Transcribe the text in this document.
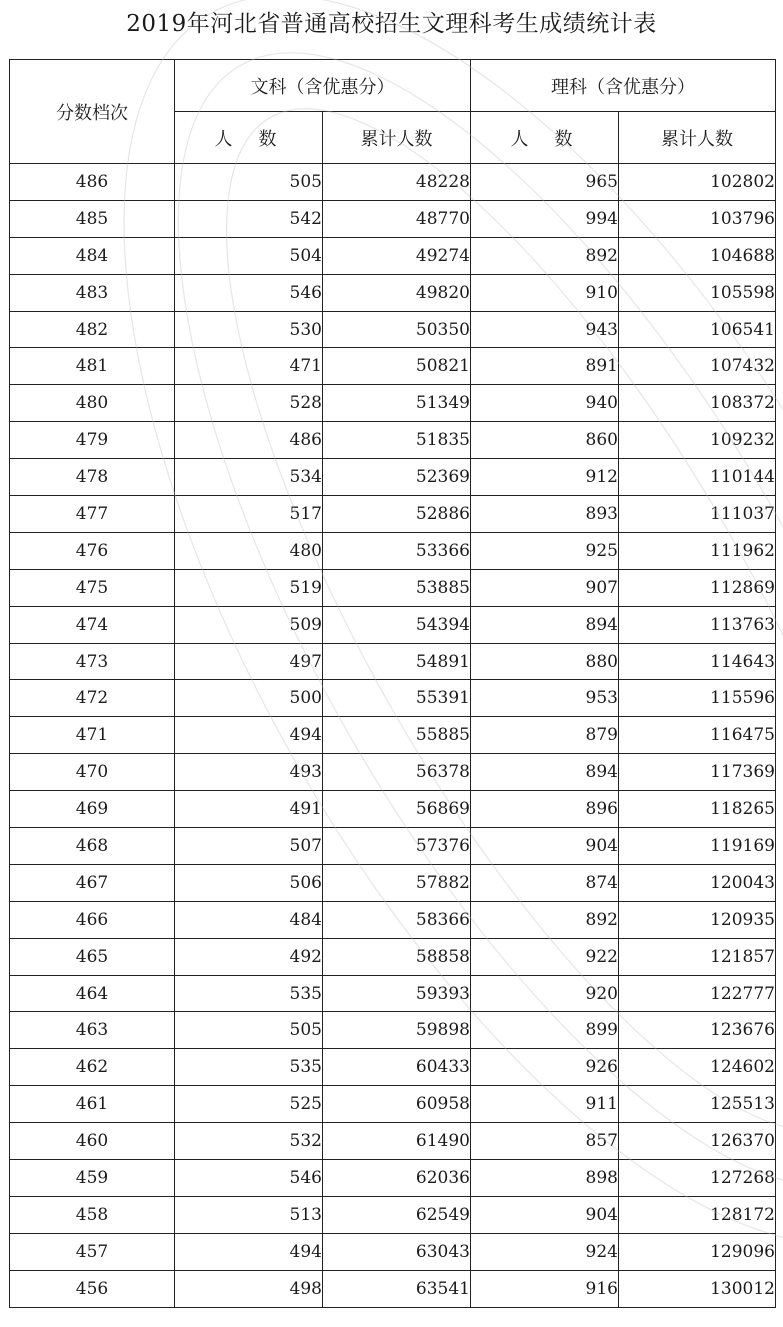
2019年河北省普通高校招生文理科考生成绩统计表
分数档次	文科（含优惠分）		理科（含优惠分）	
	人数	累计人数	人数	累计人数
486	505	48228	965	102802
485	542	48770	994	103796
484	504	49274	892	104688
483	546	49820	910	105598
482	530	50350	943	106541
481	471	50821	891	107432
480	528	51349	940	108372
479	486	51835	860	109232
478	534	52369	912	110144
477	517	52886	893	111037
476	480	53366	925	111962
475	519	53885	907	112869
474	509	54394	894	113763
473	497	54891	880	114643
472	500	55391	953	115596
471	494	55885	879	116475
470	493	56378	894	117369
469	491	56869	896	118265
468	507	57376	904	119169
467	506	57882	874	120043
466	484	58366	892	120935
465	492	58858	922	121857
464	535	59393	920	122777
463	505	59898	899	123676
462	535	60433	926	124602
461	525	60958	911	125513
460	532	61490	857	126370
459	546	62036	898	127268
458	513	62549	904	128172
457	494	63043	924	129096
456	498	63541	916	130012
